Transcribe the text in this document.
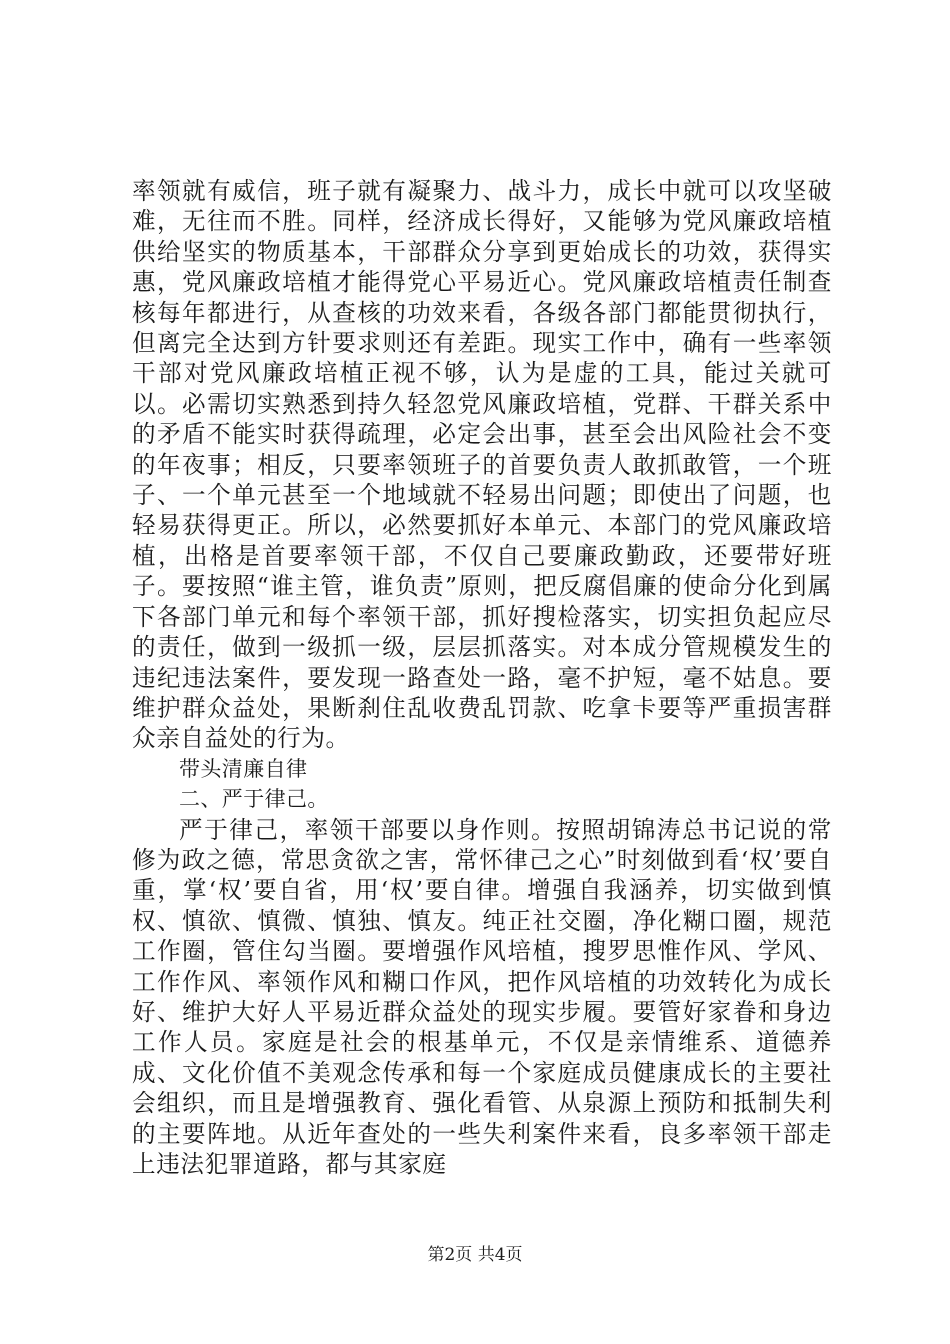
率领就有威信，班子就有凝聚力、战斗力，成长中就可以攻坚破难，无往而不胜。同样，经济成长得好，又能够为党风廉政培植供给坚实的物质基本，干部群众分享到更始成长的功效，获得实惠，党风廉政培植才能得党心平易近心。党风廉政培植责任制查核每年都进行，从查核的功效来看，各级各部门都能贯彻执行，但离完全达到方针要求则还有差距。现实工作中，确有一些率领干部对党风廉政培植正视不够，认为是虚的工具，能过关就可以。必需切实熟悉到持久轻忽党风廉政培植，党群、干群关系中的矛盾不能实时获得疏理，必定会出事，甚至会出风险社会不变的年夜事；相反，只要率领班子的首要负责人敢抓敢管，一个班子、一个单元甚至一个地域就不轻易出问题；即使出了问题，也轻易获得更正。所以，必然要抓好本单元、本部门的党风廉政培植，出格是首要率领干部，不仅自己要廉政勤政，还要带好班子。要按照“谁主管，谁负责”原则，把反腐倡廉的使命分化到属下各部门单元和每个率领干部，抓好搜检落实，切实担负起应尽的责任，做到一级抓一级，层层抓落实。对本成分管规模发生的违纪违法案件，要发现一路查处一路，毫不护短，毫不姑息。要维护群众益处，果断刹住乱收费乱罚款、吃拿卡要等严重损害群众亲自益处的行为。

带头清廉自律

二、严于律己。

严于律己，率领干部要以身作则。按照胡锦涛总书记说的常修为政之德，常思贪欲之害，常怀律己之心”时刻做到看‘权’要自重，掌‘权’要自省，用‘权’要自律。增强自我涵养，切实做到慎权、慎欲、慎微、慎独、慎友。纯正社交圈，净化糊口圈，规范工作圈，管住勾当圈。要增强作风培植，搜罗思惟作风、学风、工作作风、率领作风和糊口作风，把作风培植的功效转化为成长好、维护大好人平易近群众益处的现实步履。要管好家眷和身边工作人员。家庭是社会的根基单元，不仅是亲情维系、道德养成、文化价值不美观念传承和每一个家庭成员健康成长的主要社会组织，而且是增强教育、强化看管、从泉源上预防和抵制失利的主要阵地。从近年查处的一些失利案件来看，良多率领干部走上违法犯罪道路，都与其家庭

第2页 共4页
